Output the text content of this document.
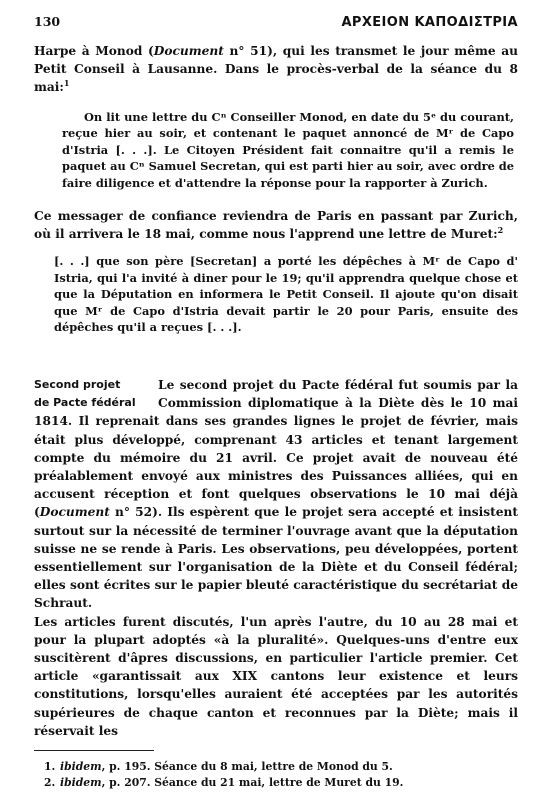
130	ΑΡΧΕΙΟΝ ΚΑΠΟΔΙΣΤΡΙΑ

Harpe à Monod (Document n° 51), qui les transmet le jour même au Petit Conseil à Lausanne. Dans le procès-verbal de la séance du 8 mai:$^1$

On lit une lettre du Cⁿ Conseiller Monod, en date du 5ᵉ du courant, reçue hier au soir, et contenant le paquet annoncé de Mʳ de Capo d'Istria [. . .]. Le Citoyen Président fait connaitre qu'il a remis le paquet au Cⁿ Samuel Secretan, qui est parti hier au soir, avec ordre de faire diligence et d'attendre la réponse pour la rapporter à Zurich.

Ce messager de confiance reviendra de Paris en passant par Zurich, où il arrivera le 18 mai, comme nous l'apprend une lettre de Muret:$^2$

[. . .] que son père [Secretan] a porté les dépêches à Mʳ de Capo d' Istria, qui l'a invité à diner pour le 19; qu'il apprendra quelque chose et que la Députation en informera le Petit Conseil. Il ajoute qu'on disait que Mʳ de Capo d'Istria devait partir le 20 pour Paris, ensuite des dépêches qu'il a reçues [. . .].

Second projet
de Pacte fédéral

Le second projet du Pacte fédéral fut soumis par la Commission diplomatique à la Diète dès le 10 mai 1814. Il reprenait dans ses grandes lignes le projet de février, mais était plus développé, comprenant 43 articles et tenant largement compte du mémoire du 21 avril. Ce projet avait de nouveau été préalablement envoyé aux ministres des Puissances alliées, qui en accusent réception et font quelques observations le 10 mai déjà (Document n° 52). Ils espèrent que le projet sera accepté et insistent surtout sur la nécessité de terminer l'ouvrage avant que la députation suisse ne se rende à Paris. Les observations, peu développées, portent essentiellement sur l'organisation de la Diète et du Conseil fédéral; elles sont écrites sur le papier bleuté caractéristique du secrétariat de Schraut.

Les articles furent discutés, l'un après l'autre, du 10 au 28 mai et pour la plupart adoptés «à la pluralité». Quelques-uns d'entre eux suscitèrent d'âpres discussions, en particulier l'article premier. Cet article «garantissait aux XIX cantons leur existence et leurs constitutions, lorsqu'elles auraient été acceptées par les autorités supérieures de chaque canton et reconnues par la Diète; mais il réservait les

1. ibidem, p. 195. Séance du 8 mai, lettre de Monod du 5.
2. ibidem, p. 207. Séance du 21 mai, lettre de Muret du 19.
